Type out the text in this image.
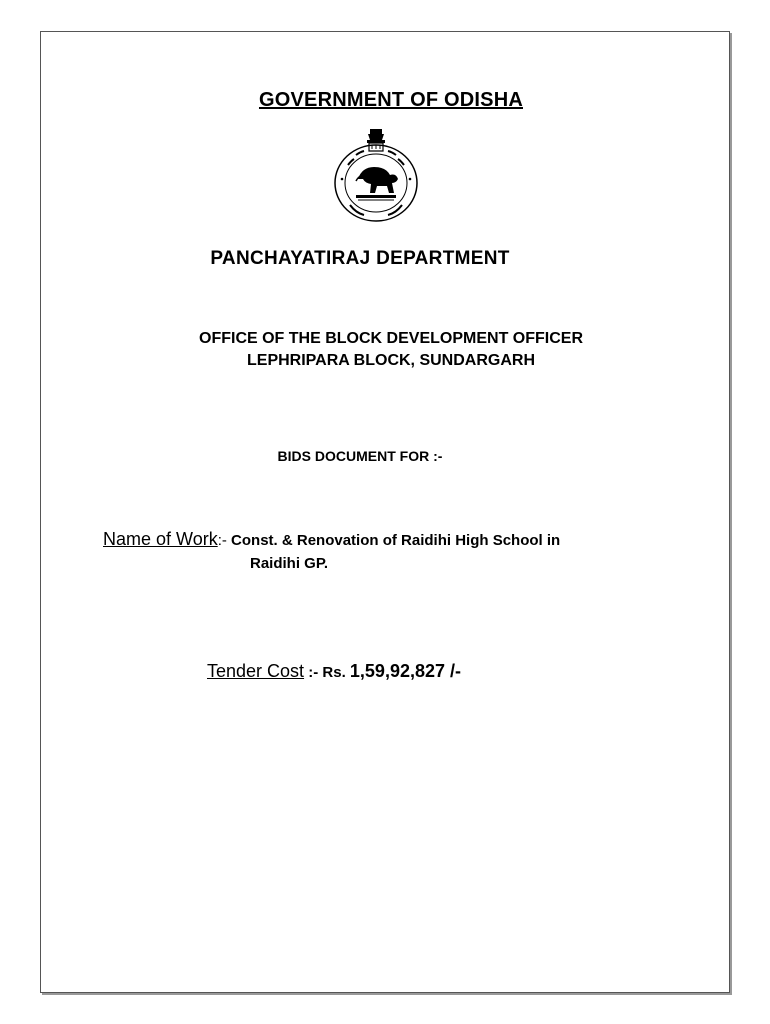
GOVERNMENT OF ODISHA
PANCHAYATIRAJ DEPARTMENT
OFFICE OF THE BLOCK DEVELOPMENT OFFICER
LEPHRIPARA BLOCK, SUNDARGARH
BIDS DOCUMENT FOR :-
Name of Work:- Const. & Renovation of Raidihi High School in
Raidihi GP.
Tender Cost :- Rs. 1,59,92,827 /-
